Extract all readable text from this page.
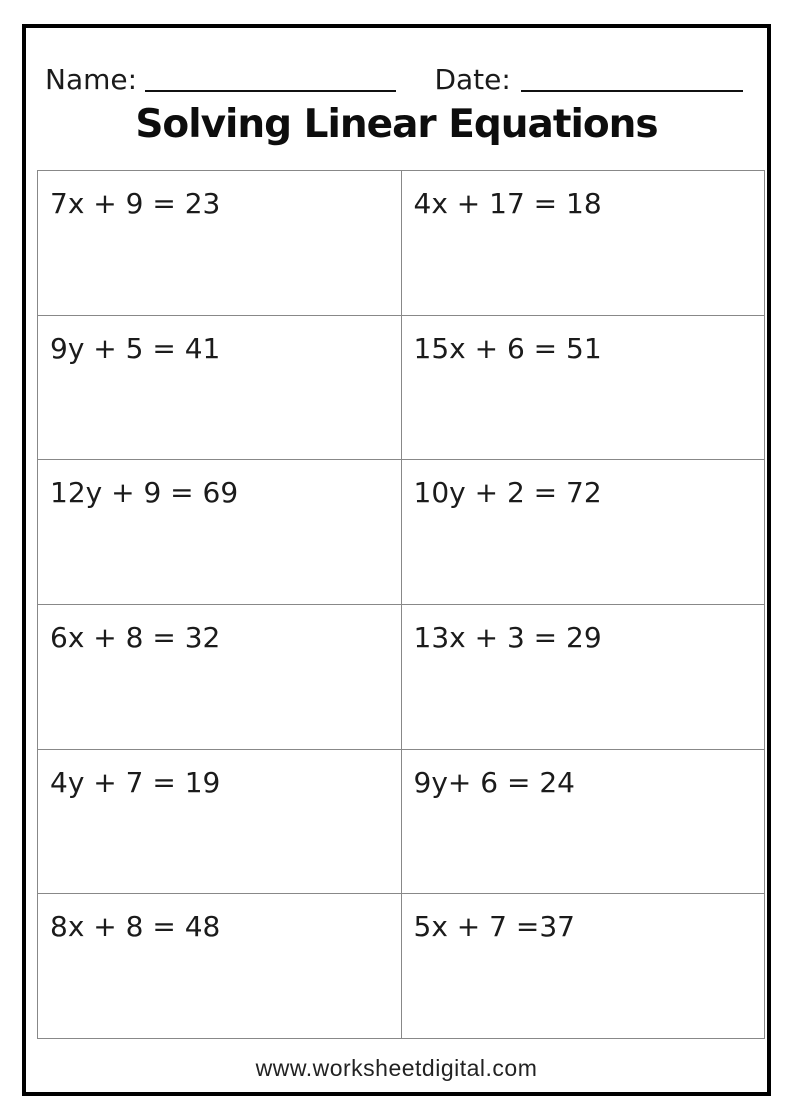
Name:	Date:
Solving Linear Equations
7x + 9 = 23	4x + 17 = 18
9y + 5 = 41	15x + 6 = 51
12y + 9 = 69	10y + 2 = 72
6x + 8 = 32	13x + 3 = 29
4y + 7 = 19	9y+ 6 = 24
8x + 8 = 48	5x + 7 =37
www.worksheetdigital.com
